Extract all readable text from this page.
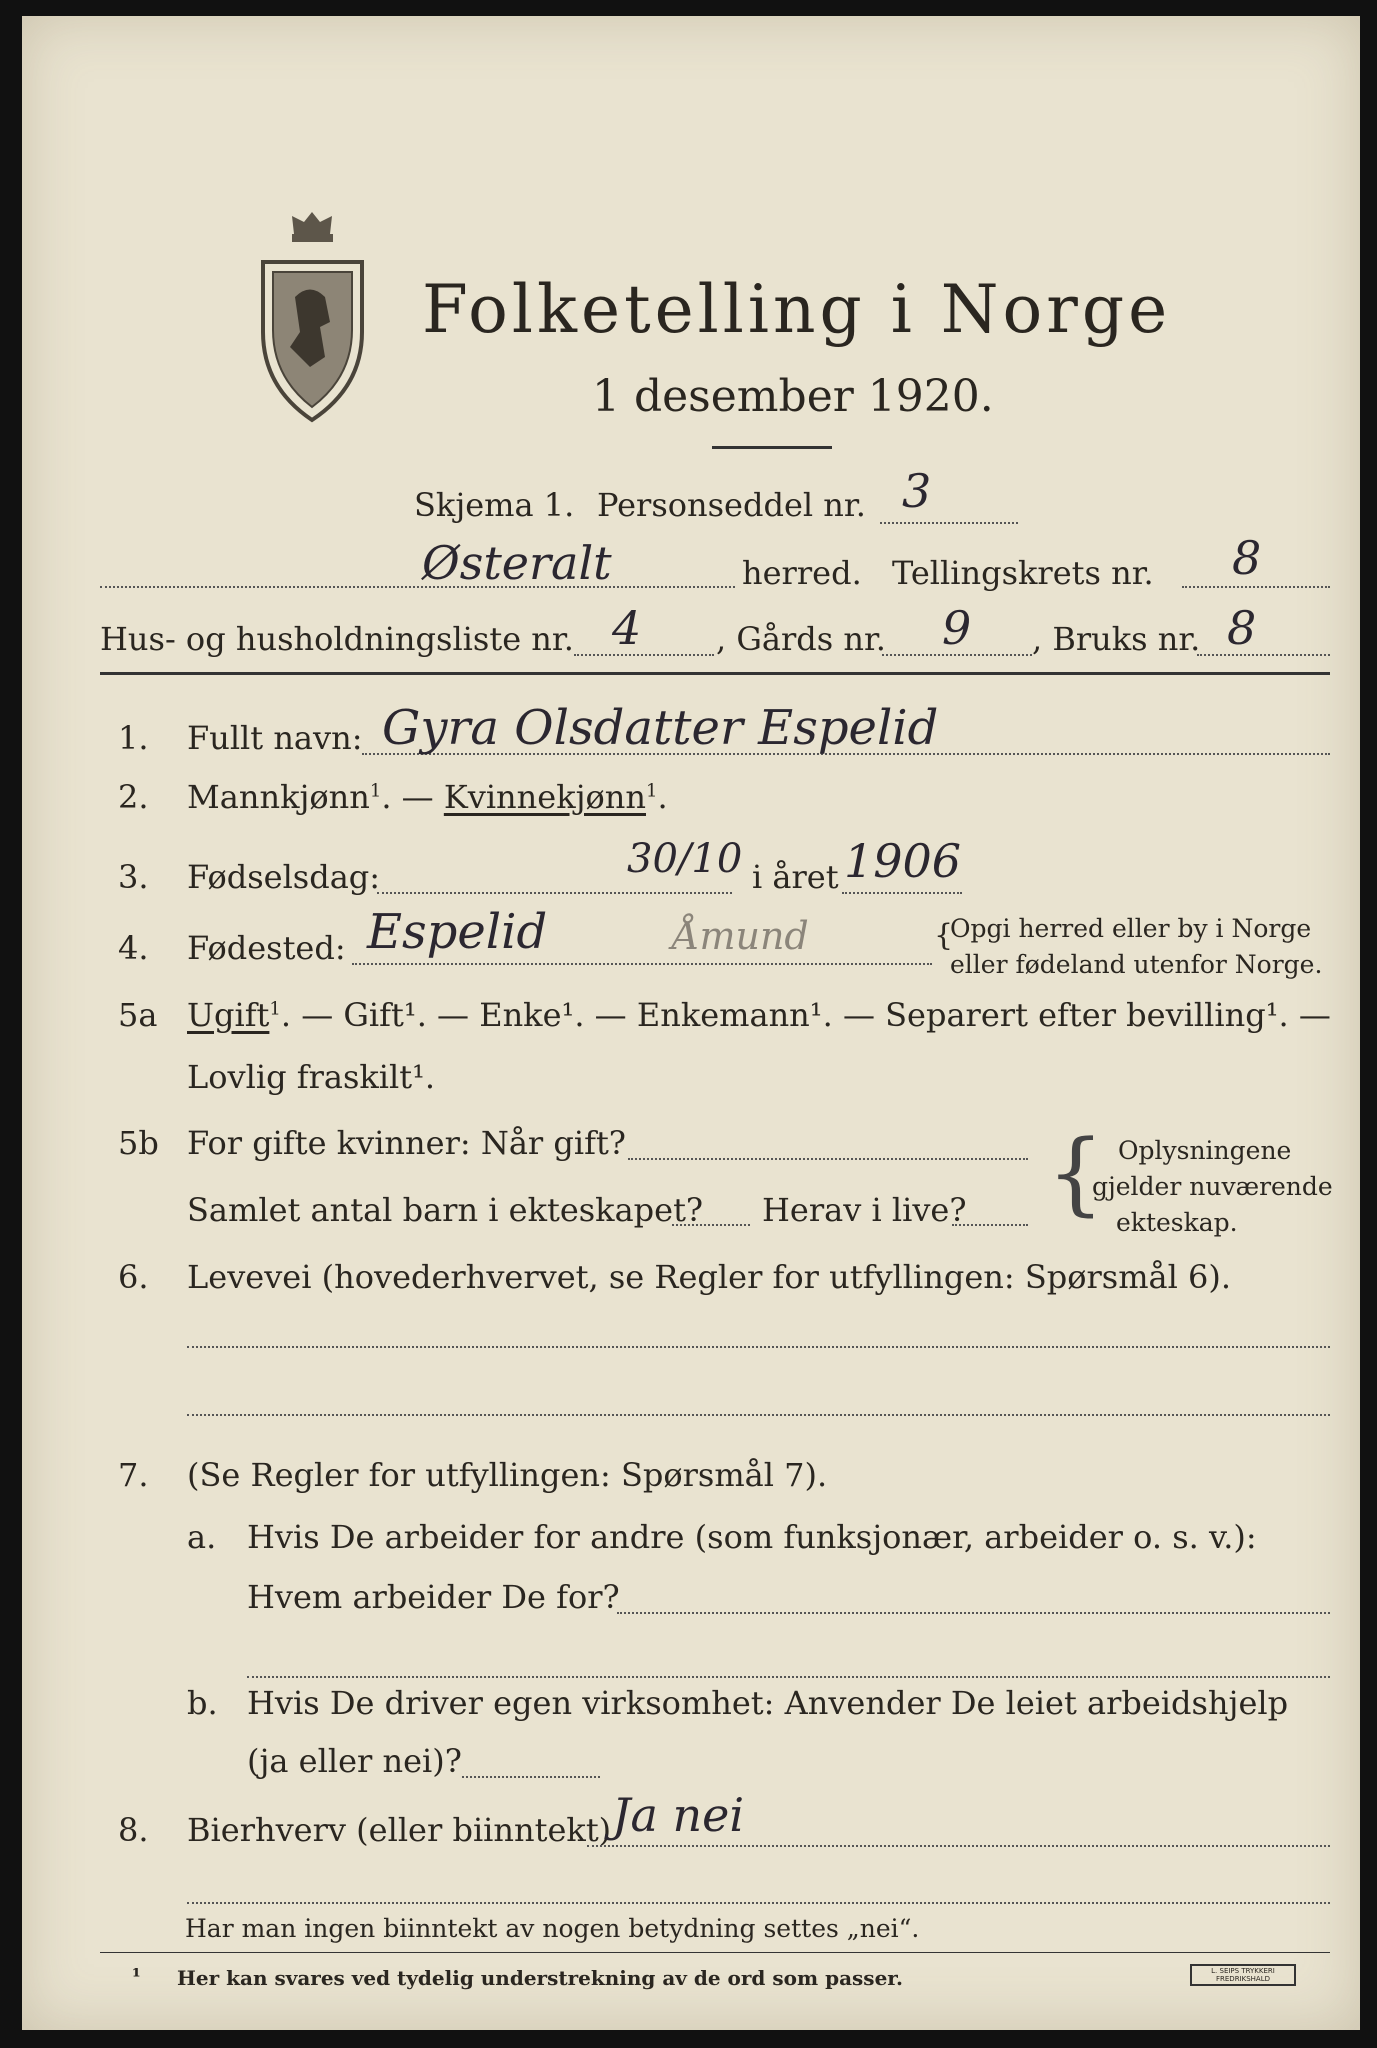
Folketelling i Norge
1 desember 1920.
Skjema 1. Personseddel nr. 3
Østeralt	herred. Tellingskrets nr. 8
Hus- og husholdningsliste nr. 4 , Gårds nr. 9 , Bruks nr. 8
1. Fullt navn: Gyra Olsdatter Espelid
2. Mannkjønn$^1$. — Kvinnekjønn$^1$.
3. Fødselsdag:	30/10 i året 1906
4. Fødested: Espelid	Åmund	{
Opgi herred eller by i Norge
eller fødeland utenfor Norge.
5a Ugift$^1$. — Gift¹. — Enke¹. — Enkemann¹. — Separert efter bevilling¹. —
Lovlig fraskilt¹.
5b For gifte kvinner: Når gift?
Samlet antal barn i ekteskapet? Herav i live? { Oplysningene
gjelder nuværende
ekteskap.
6. Levevei (hovederhvervet, se Regler for utfyllingen: Spørsmål 6).
7. (Se Regler for utfyllingen: Spørsmål 7).
a. Hvis De arbeider for andre (som funksjonær, arbeider o. s. v.):
Hvem arbeider De for?
b. Hvis De driver egen virksomhet: Anvender De leiet arbeidshjelp
(ja eller nei)?
8. Bierhverv (eller biinntekt) Ja nei
Har man ingen biinntekt av nogen betydning settes „nei“.
¹ Her kan svares ved tydelig understrekning av de ord som passer.	L. SEIPS TRYKKERI FREDRIKSHALD
